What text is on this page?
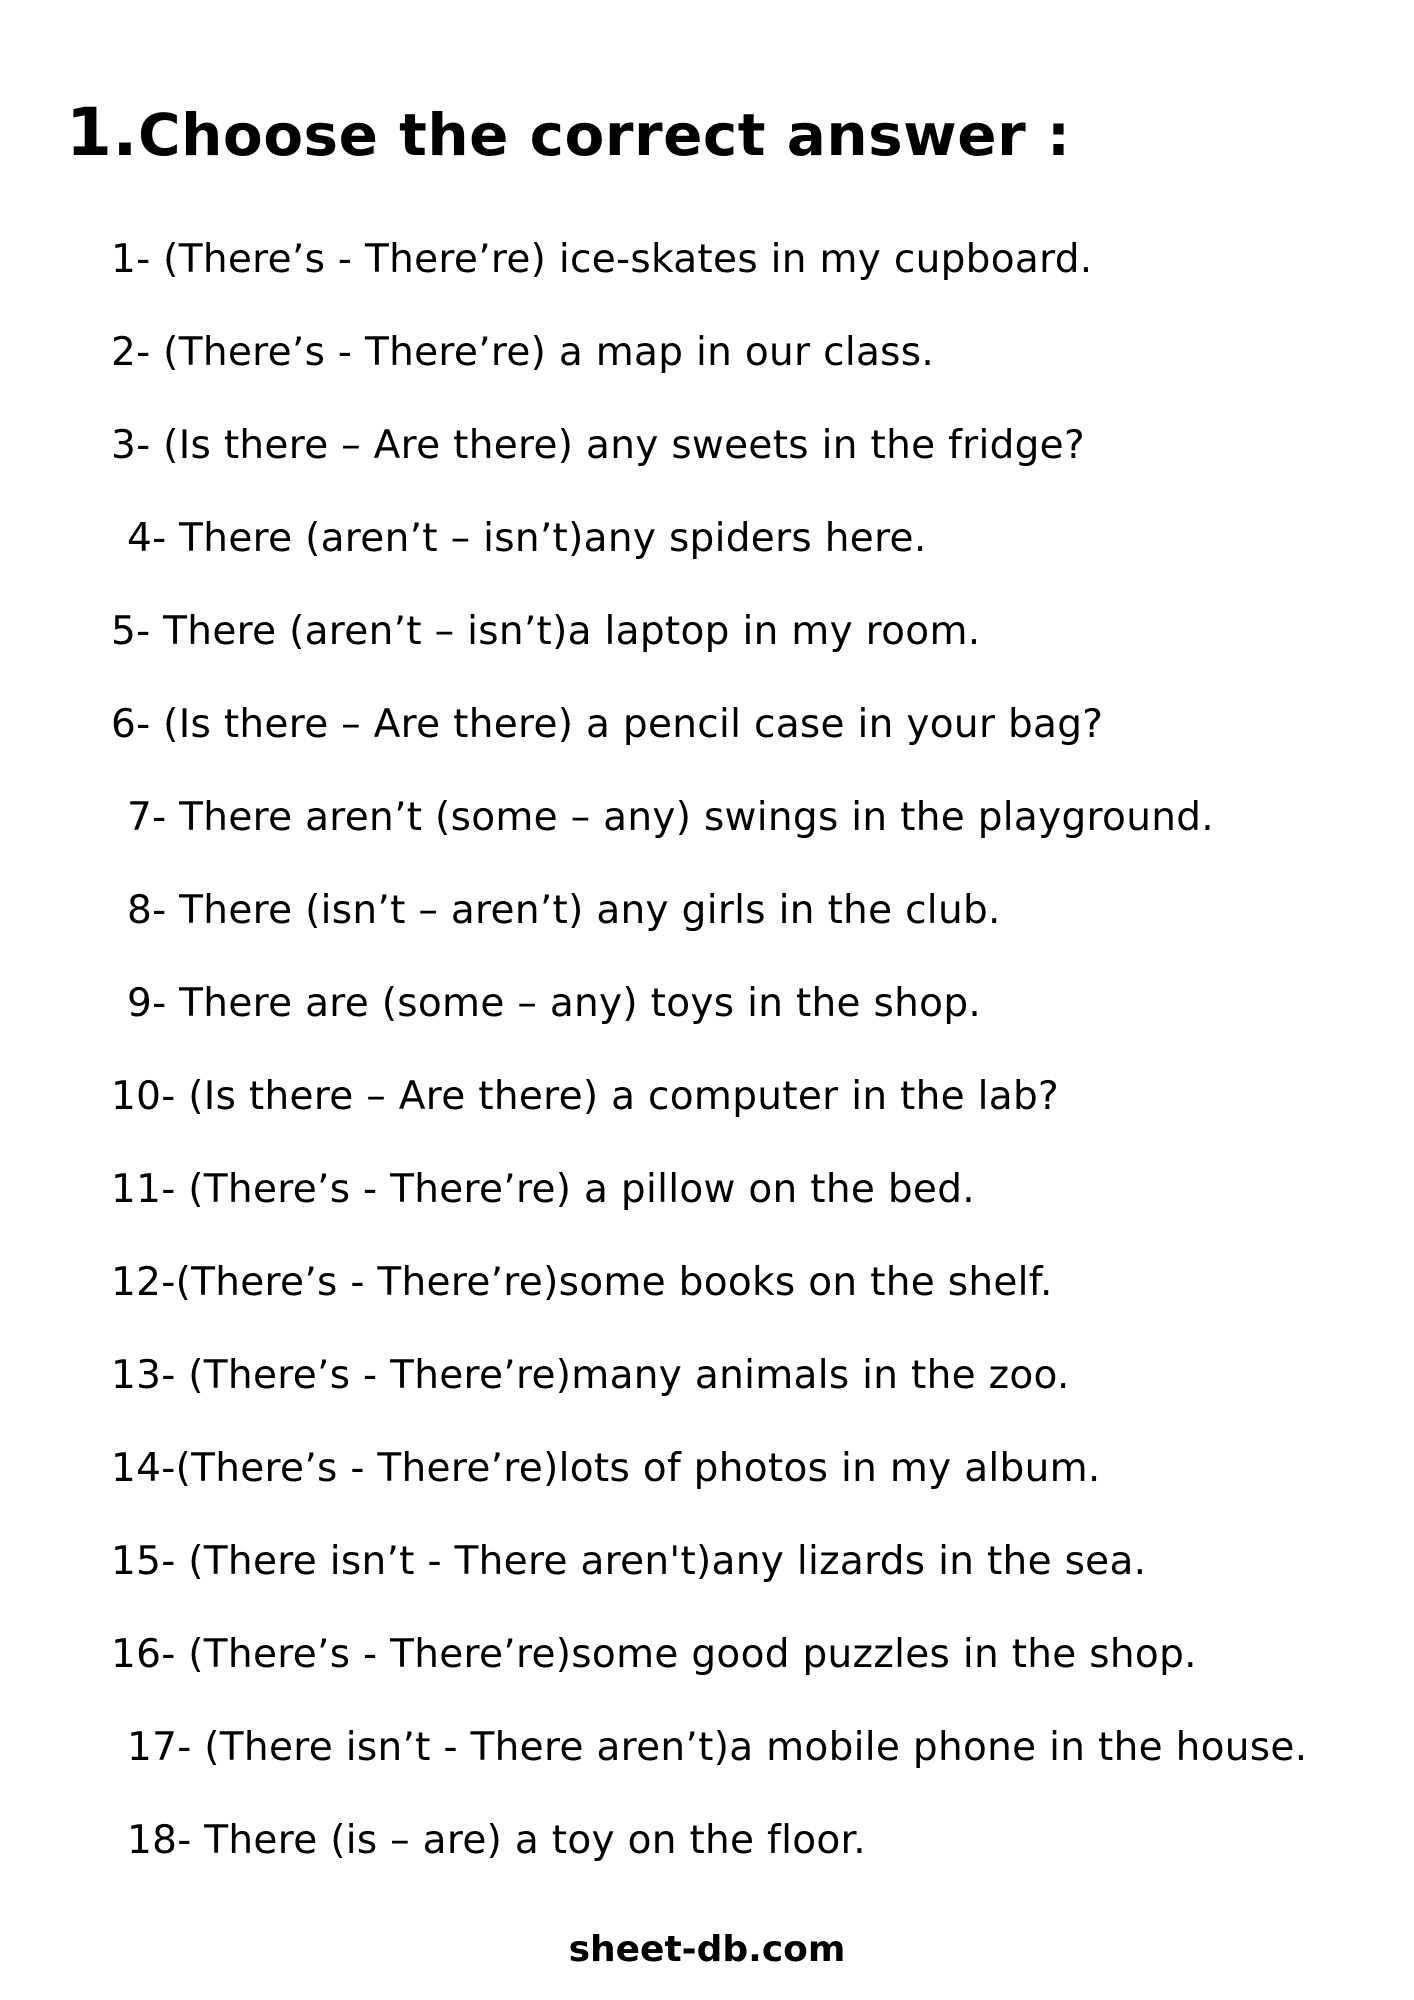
1.Choose the correct answer :
1- (There’s - There’re) ice-skates in my cupboard.
2- (There’s - There’re) a map in our class.
3- (Is there – Are there) any sweets in the fridge?
4- There (aren’t – isn’t)any spiders here.
5- There (aren’t – isn’t)a laptop in my room.
6- (Is there – Are there) a pencil case in your bag?
7- There aren’t (some – any) swings in the playground.
8- There (isn’t – aren’t) any girls in the club.
9- There are (some – any) toys in the shop.
10- (Is there – Are there) a computer in the lab?
11- (There’s - There’re) a pillow on the bed.
12-(There’s - There’re)some books on the shelf.
13- (There’s - There’re)many animals in the zoo.
14-(There’s - There’re)lots of photos in my album.
15- (There isn’t - There aren't)any lizards in the sea.
16- (There’s - There’re)some good puzzles in the shop.
17- (There isn’t - There aren’t)a mobile phone in the house.
18- There (is – are) a toy on the floor.
sheet-db.com
